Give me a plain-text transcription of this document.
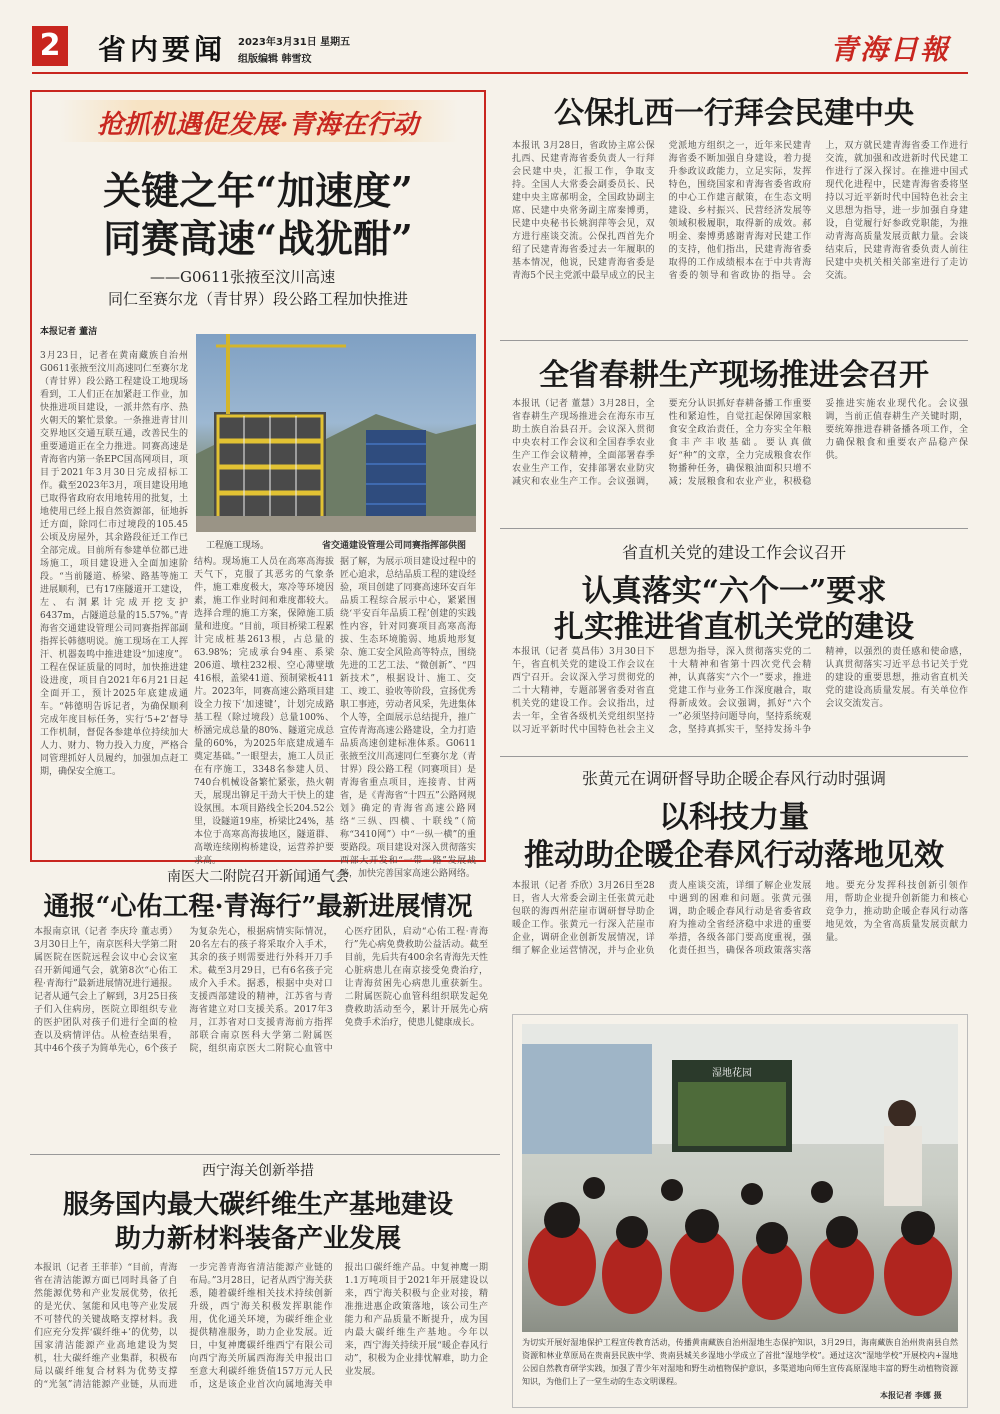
2 省内要闻 2023年3月31日 星期五
组版编辑 韩雪玟	青海日報
抢抓机遇促发展·青海在行动
关键之年“加速度”
同赛高速“战犹酣”
——G0611张掖至汶川高速
同仁至赛尔龙（青甘界）段公路工程加快推进
本报记者 董洁
工程施工现场。	省交通建设管理公司同赛指挥部供图
3月23日，记者在黄南藏族自治州G0611张掖至汶川高速同仁至赛尔龙（青甘界）段公路工程建设工地现场看到，工人们正在加紧赶工作业，加快推进项目建设，一派井然有序、热火朝天的繁忙景象。一条推进青甘川交界地区交通互联互通，改善民生的重要通道正在全力推进。同赛高速是青海省内第一条EPC国高网项目，项目于2021年3月30日完成招标工作。截至2023年3月，项目建设用地已取得省政府农用地转用的批复，土地使用已经上报自然资源部，征地拆迁方面，除同仁市过境段的105.45公顷及房屋外，其余路段征迁工作已全部完成。目前所有参建单位都已进场施工，项目建设进入全面加速阶段。“当前隧道、桥梁、路基等施工进展顺利，已有17座隧道开工建设，左、右洞累计完成开挖支护6437m，占隧道总量的15.57%。”青海省交通建设管理公司同赛指挥部副指挥长韩德明说。施工现场在工人挥汗、机器轰鸣中推进建设“加速度”。工程在保证质量的同时，加快推进建设进度，项目自2021年6月21日起全面开工，预计2025年底建成通车。“韩德明告诉记者，为确保顺利完成年度目标任务，实行‘5+2’督导工作机制，督促各参建单位持续加大人力、财力、物力投入力度，严格合同管理抓好人员履约，加强加点赶工期，确保安全施工。
结构。现场施工人员在高寒高海拔天气下，克服了其恶劣的气象条件，施工难度极大，寒冷等环境因素，施工作业时间和难度都较大。选择合理的施工方案，保障施工质量和进度。“目前，项目桥梁工程累计完成桩基2613根，占总量的63.98%；完成承台94座、系梁206道、墩柱232根、空心薄壁墩416根，盖梁41道、预制梁板411片。2023年，同赛高速公路项目建设全力按下‘加速键’，计划完成路基工程（除过境段）总量100%、桥涵完成总量的80%、隧道完成总量的60%，为2025年底建成通车奠定基础。”一眼望去，施工人员正在有序施工，3348名参建人员、740台机械设备繁忙紧张，热火朝天，展现出铆足干劲大干快上的建设氛围。本项目路线全长204.52公里，设隧道19座，桥梁比24%，基本位于高寒高海拔地区，隧道群、高墩连续刚构桥建设，运营养护要求高。
据了解，为展示项目建设过程中的匠心追求，总结品质工程的建设经验，项目创建了同赛高速环安百年品质工程综合展示中心，紧紧围绕‘平安百年品质工程’创建的实践性内容，针对同赛项目高寒高海拔、生态环境脆弱、地质地形复杂、施工安全风险高等特点，围绕先进的工艺工法、“微创新”、“四新技术”，根据设计、施工、交工、竣工、验收等阶段，宣扬优秀职工事迹，劳动者风采，先进集体个人等，全面展示总结提升，推广宣传青海高速公路建设，全力打造品质高速创建标准体系。G0611张掖至汶川高速同仁至赛尔龙（青甘界）段公路工程（同赛项目）是青海省重点项目，连接青、甘两省，是《青海省“十四五”公路网规划》确定的青海省高速公路网络“三纵、四横、十联线”（简称“3410网”）中“一纵一横”的重要路段。项目建设对深入贯彻落实西部大开发和“一带一路”发展战略，加快完善国家高速公路网络。
公保扎西一行拜会民建中央
本报讯 3月28日，省政协主席公保扎西、民建青海省委负责人一行拜会民建中央，汇报工作，争取支持。全国人大常委会副委员长、民建中央主席郝明金，全国政协副主席、民建中央常务副主席秦博勇，民建中央秘书长姚润萍等会见，双方进行座谈交流。公保扎西首先介绍了民建青海省委过去一年履职的基本情况，他说，民建青海省委是青海5个民主党派中最早成立的民主党派地方组织之一，近年来民建青海省委不断加强自身建设，着力提升参政议政能力，立足实际，发挥特色，围绕国家和青海省委省政府的中心工作建言献策，在生态文明建设、乡村振兴、民营经济发展等领域积极履职，取得新的成效。郝明金、秦博勇感谢青海对民建工作的支持，他们指出，民建青海省委取得的工作成绩根本在于中共青海省委的领导和省政协的指导。会上，双方就民建青海省委工作进行交流，就加强和改进新时代民建工作进行了深入探讨。在推进中国式现代化进程中，民建青海省委将坚持以习近平新时代中国特色社会主义思想为指导，进一步加强自身建设，自觉履行好参政党职能，为推动青海高质量发展贡献力量。会谈结束后，民建青海省委负责人前往民建中央机关相关部室进行了走访交流。
全省春耕生产现场推进会召开
本报讯（记者 董慧）3月28日，全省春耕生产现场推进会在海东市互助土族自治县召开。会议深入贯彻中央农村工作会议和全国春季农业生产工作会议精神，全面部署春季农业生产工作，安排部署农业防灾减灾和农业生产工作。会议强调，要充分认识抓好春耕备播工作重要性和紧迫性，自觉扛起保障国家粮食安全政治责任，全力夯实全年粮食丰产丰收基础。要认真做好“种”的文章，全力完成粮食农作物播种任务，确保粮油面积只增不减；发展粮食和农业产业，积极稳妥推进实施农业现代化。会议强调，当前正值春耕生产关键时期，要统筹推进春耕备播各项工作，全力确保粮食和重要农产品稳产保供。
省直机关党的建设工作会议召开
认真落实“六个一”要求
扎实推进省直机关党的建设
本报讯（记者 莫昌伟）3月30日下午，省直机关党的建设工作会议在西宁召开。会议深入学习贯彻党的二十大精神，专题部署省委对省直机关党的建设工作。会议指出，过去一年，全省各级机关党组织坚持以习近平新时代中国特色社会主义思想为指导，深入贯彻落实党的二十大精神和省第十四次党代会精神，认真落实“六个一”要求，推进党建工作与业务工作深度融合，取得新成效。会议强调，抓好“六个一”必须坚持问题导向，坚持系统观念，坚持真抓实干，坚持发扬斗争精神，以强烈的责任感和使命感，认真贯彻落实习近平总书记关于党的建设的重要思想，推动省直机关党的建设高质量发展。有关单位作会议交流发言。
张黄元在调研督导助企暖企春风行动时强调
以科技力量
推动助企暖企春风行动落地见效
本报讯（记者 乔欣）3月26日至28日，省人大常委会副主任张黄元赴包联的海西州茫崖市调研督导助企暖企工作。张黄元一行深入茫崖市企业，调研企业创新发展情况，详细了解企业运营情况，并与企业负责人座谈交流，详细了解企业发展中遇到的困难和问题。张黄元强调，助企暖企春风行动是省委省政府为推动全省经济稳中求进的重要举措，各级各部门要高度重视，强化责任担当，确保各项政策落实落地。要充分发挥科技创新引领作用，帮助企业提升创新能力和核心竞争力，推动助企暖企春风行动落地见效，为全省高质量发展贡献力量。
南医大二附院召开新闻通气会
通报“心佑工程·青海行”最新进展情况
本报南京讯（记者 李庆玲 董志勇）3月30日上午，南京医科大学第二附属医院在医院远程会议中心会议室召开新闻通气会，就第8次“心佑工程·青海行”最新进展情况进行通报。记者从通气会上了解到，3月25日孩子们入住病房，医院立即组织专业的医护团队对孩子们进行全面的检查以及病情评估。从检查结果看，其中46个孩子为简单先心，6个孩子为复杂先心，根据病情实际情况，20名左右的孩子将采取介入手术，其余的孩子则需要进行外科开刀手术。截至3月29日，已有6名孩子完成介入手术。据悉，根据中央对口支援西部建设的精神，江苏省与青海省建立对口支援关系。2017年3月，江苏省对口支援青海前方指挥部联合南京医科大学第二附属医院，组织南京医大二附院心血管中心医疗团队，启动“心佑工程·青海行”先心病免费救助公益活动。截至目前，先后共有400余名青海先天性心脏病患儿在南京接受免费治疗，让青海贫困先心病患儿重获新生。二附属医院心血管科组织联发起免费救助活动至今，累计开展先心病免费手术治疗，使患儿健康成长。
西宁海关创新举措
服务国内最大碳纤维生产基地建设
助力新材料装备产业发展
本报讯（记者 王菲菲）“目前，青海省在清洁能源方面已同时具备了自然能源优势和产业发展优势，依托的是光伏、氢能和风电等产业发展不可替代的关键战略支撑材料。我们应充分发挥‘碳纤维+’的优势，以国家清洁能源产业高地建设为契机，壮大碳纤维产业集群，积极布局以碳纤维复合材料为优势支撑的“光氢”清洁能源产业链，从而进一步完善青海省清洁能源产业链的布局。”3月28日，记者从西宁海关获悉，随着碳纤维相关技术持续创新升级，西宁海关积极发挥职能作用，优化通关环境，为碳纤维企业提供精准服务，助力企业发展。近日，中复神鹰碳纤维西宁有限公司向西宁海关所属西海海关申报出口至意大利碳纤维货值157万元人民币，这是该企业首次向属地海关申报出口碳纤维产品。中复神鹰一期1.1万吨项目于2021年开展建设以来，西宁海关积极与企业对接，精准推进惠企政策落地，该公司生产能力和产品质量不断提升，成为国内最大碳纤维生产基地。今年以来，西宁海关持续开展“暖企春风行动”，积极为企业排忧解难，助力企业发展。
湿地花园
为切实开展好湿地保护工程宣传教育活动，传播黄南藏族自治州湿地生态保护知识，3月29日，海南藏族自治州贵南县自然资源和林业草原局在贵南县民族中学、贵南县城关乡湿地小学成立了首批“湿地学校”。通过这次“湿地学校”开展校内+湿地公园自然教育研学实践，加强了青少年对湿地和野生动植物保护意识，多渠道地向师生宣传高原湿地丰富的野生动植物资源知识，为他们上了一堂生动的生态文明课程。
本报记者 李娜 摄
